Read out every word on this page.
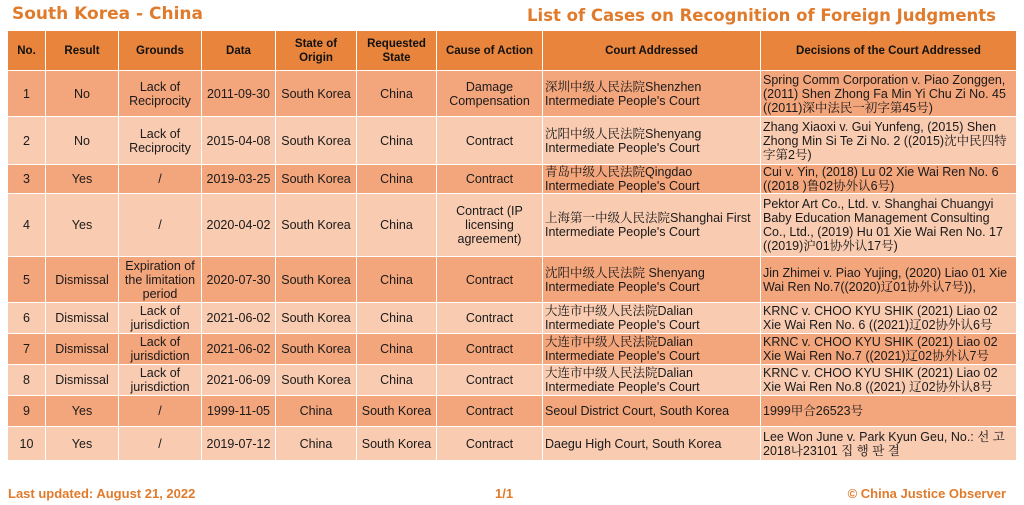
South Korea - China	List of Cases on Recognition of Foreign Judgments
No.	Result	Grounds	Data	State of Origin	Requested State	Cause of Action	Court Addressed	Decisions of the Court Addressed
1	No	Lack of Reciprocity	2011-09-30	South Korea	China	Damage Compensation	深圳中级人民法院Shenzhen Intermediate People's Court	Spring Comm Corporation v. Piao Zonggen, (2011) Shen Zhong Fa Min Yi Chu Zi No. 45 ((2011)深中法民一初字第45号)
2	No	Lack of Reciprocity	2015-04-08	South Korea	China	Contract	沈阳中级人民法院Shenyang Intermediate People's Court	Zhang Xiaoxi v. Gui Yunfeng, (2015) Shen Zhong Min Si Te Zi No. 2 ((2015)沈中民四特字第2号)
3	Yes	/	2019-03-25	South Korea	China	Contract	青岛中级人民法院Qingdao Intermediate People's Court	Cui v. Yin, (2018) Lu 02 Xie Wai Ren No. 6 ((2018 )鲁02协外认6号)
4	Yes	/	2020-04-02	South Korea	China	Contract (IP licensing agreement)	上海第一中级人民法院Shanghai First Intermediate People's Court	Pektor Art Co., Ltd. v. Shanghai Chuangyi Baby Education Management Consulting Co., Ltd., (2019) Hu 01 Xie Wai Ren No. 17 ((2019)沪01协外认17号)
5	Dismissal	Expiration of the limitation period	2020-07-30	South Korea	China	Contract	沈阳中级人民法院 Shenyang Intermediate People's Court	Jin Zhimei v. Piao Yujing, (2020) Liao 01 Xie Wai Ren No.7((2020)辽01协外认7号)),
6	Dismissal	Lack of jurisdiction	2021-06-02	South Korea	China	Contract	大连市中级人民法院Dalian Intermediate People's Court	KRNC v. CHOO KYU SHIK (2021) Liao 02 Xie Wai Ren No. 6 ((2021)辽02协外认6号
7	Dismissal	Lack of jurisdiction	2021-06-02	South Korea	China	Contract	大连市中级人民法院Dalian Intermediate People's Court	KRNC v. CHOO KYU SHIK (2021) Liao 02 Xie Wai Ren No.7 ((2021)辽02协外认7号
8	Dismissal	Lack of jurisdiction	2021-06-09	South Korea	China	Contract	大连市中级人民法院Dalian Intermediate People's Court	KRNC v. CHOO KYU SHIK (2021) Liao 02 Xie Wai Ren No.8 ((2021) 辽02协外认8号
9	Yes	/	1999-11-05	China	South Korea	Contract	Seoul District Court, South Korea	1999甲合26523号
10	Yes	/	2019-07-12	China	South Korea	Contract	Daegu High Court, South Korea	Lee Won June v. Park Kyun Geu, No.: 선 고 2018나23101 집 행 판 결
Last updated: August 21, 2022	1/1	© China Justice Observer
